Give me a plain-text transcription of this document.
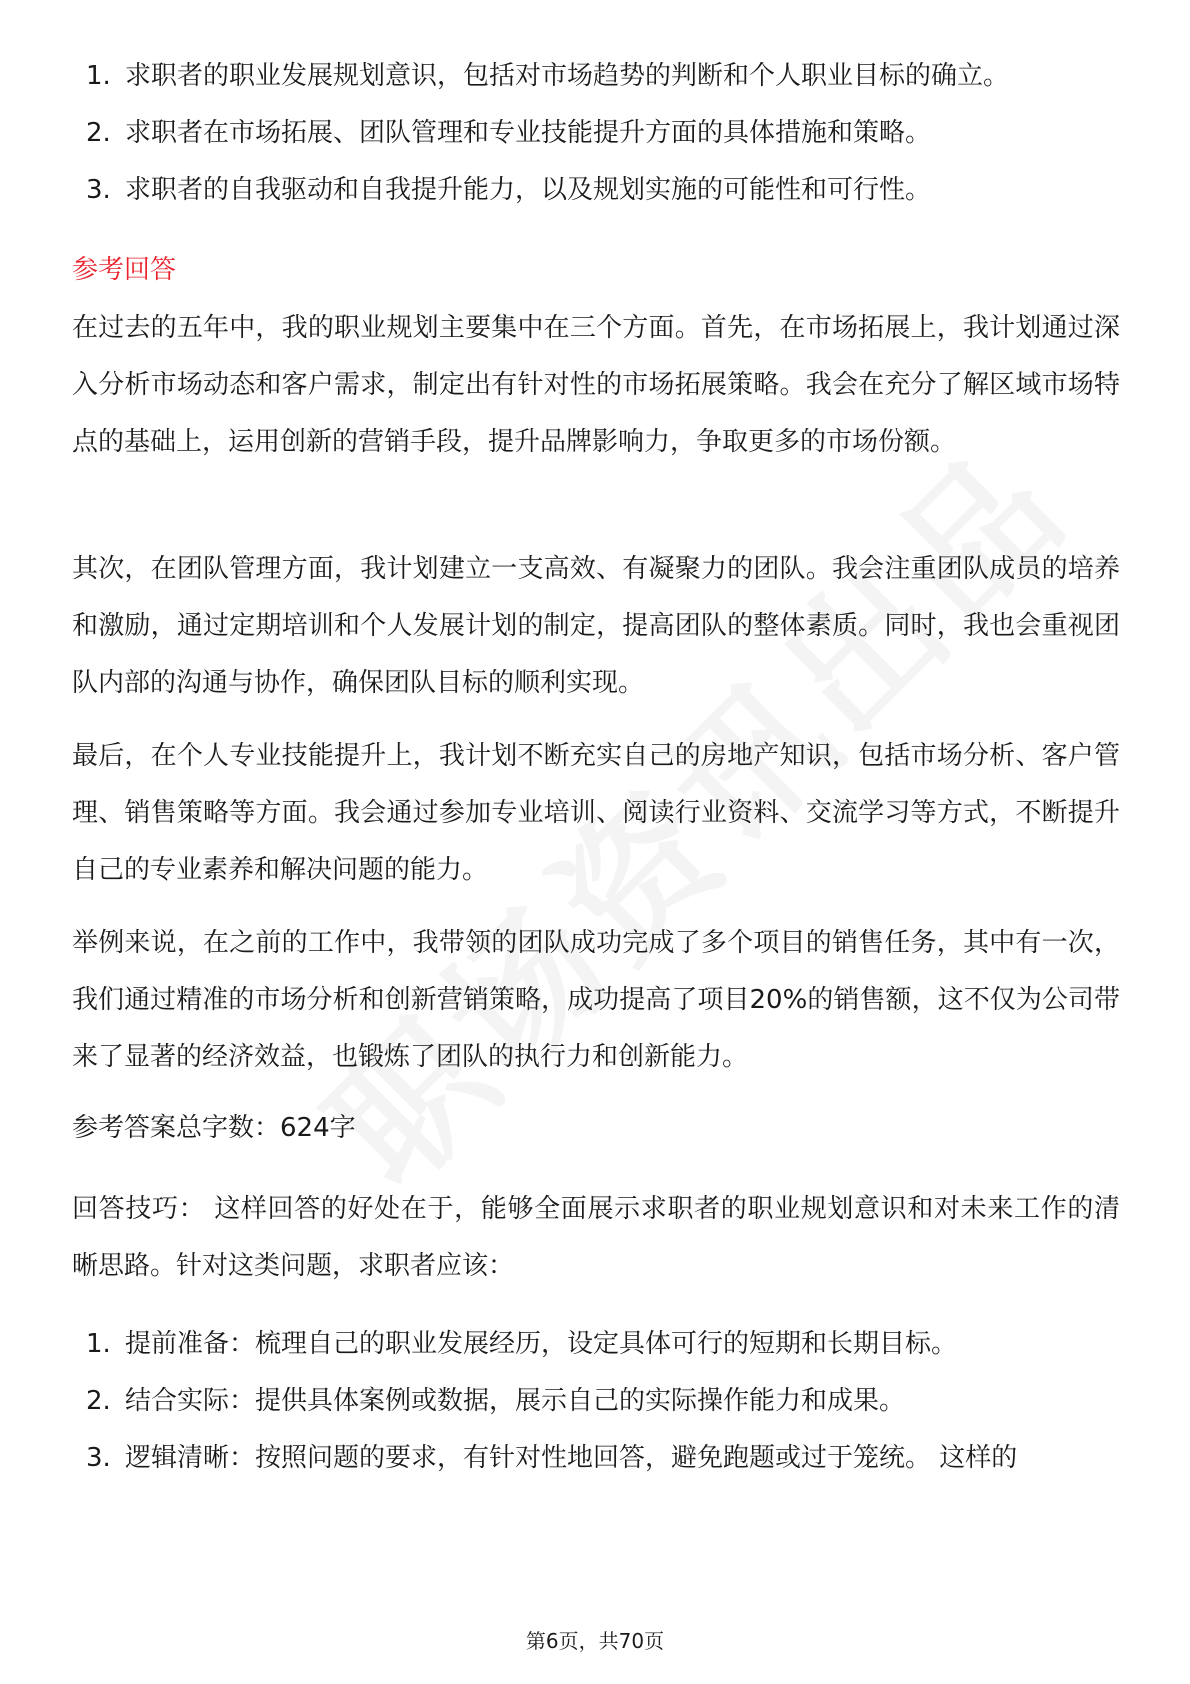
1. 求职者的职业发展规划意识，包括对市场趋势的判断和个人职业目标的确立。
2. 求职者在市场拓展、团队管理和专业技能提升方面的具体措施和策略。
3. 求职者的自我驱动和自我提升能力，以及规划实施的可能性和可行性。
参考回答

在过去的五年中，我的职业规划主要集中在三个方面。首先，在市场拓展上，我计划通过深入分析市场动态和客户需求，制定出有针对性的市场拓展策略。我会在充分了解区域市场特点的基础上，运用创新的营销手段，提升品牌影响力，争取更多的市场份额。

其次，在团队管理方面，我计划建立一支高效、有凝聚力的团队。我会注重团队成员的培养和激励，通过定期培训和个人发展计划的制定，提高团队的整体素质。同时，我也会重视团队内部的沟通与协作，确保团队目标的顺利实现。

最后，在个人专业技能提升上，我计划不断充实自己的房地产知识，包括市场分析、客户管理、销售策略等方面。我会通过参加专业培训、阅读行业资料、交流学习等方式，不断提升自己的专业素养和解决问题的能力。

举例来说，在之前的工作中，我带领的团队成功完成了多个项目的销售任务，其中有一次，我们通过精准的市场分析和创新营销策略，成功提高了项目20%的销售额，这不仅为公司带来了显著的经济效益，也锻炼了团队的执行力和创新能力。

参考答案总字数：624字

回答技巧： 这样回答的好处在于，能够全面展示求职者的职业规划意识和对未来工作的清晰思路。针对这类问题，求职者应该：

1. 提前准备：梳理自己的职业发展经历，设定具体可行的短期和长期目标。
2. 结合实际：提供具体案例或数据，展示自己的实际操作能力和成果。
3. 逻辑清晰：按照问题的要求，有针对性地回答，避免跑题或过于笼统。 这样的
第6页，共70页
